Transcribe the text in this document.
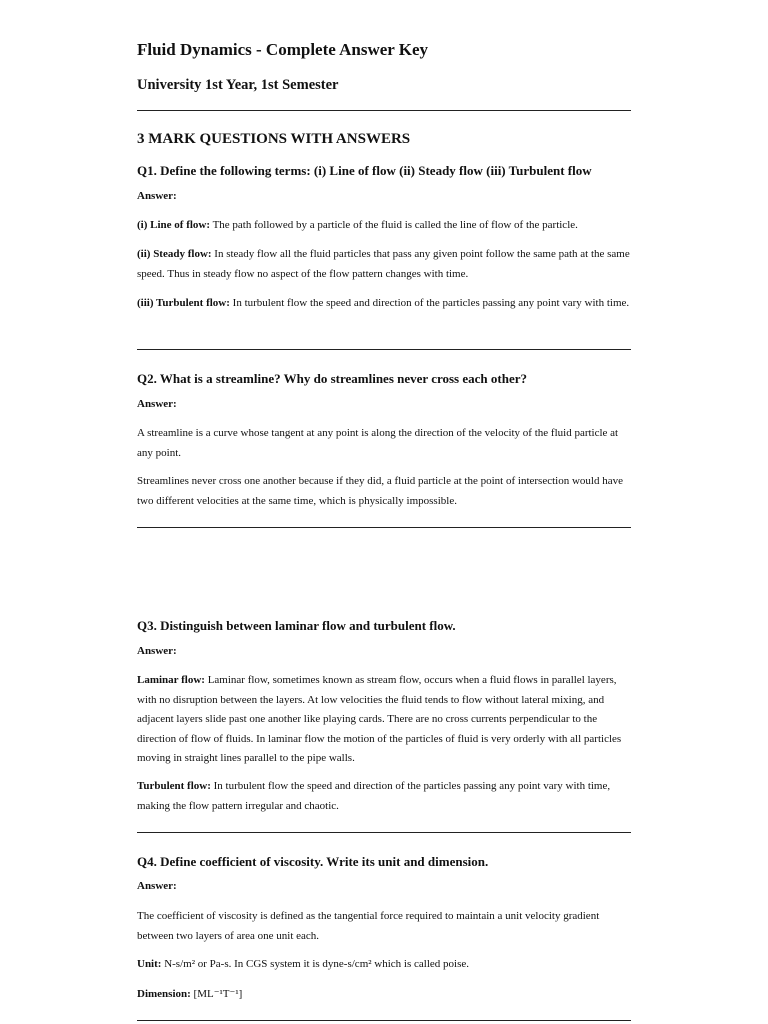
Fluid Dynamics - Complete Answer Key
University 1st Year, 1st Semester
3 MARK QUESTIONS WITH ANSWERS
Q1. Define the following terms: (i) Line of flow (ii) Steady flow (iii) Turbulent flow
Answer:
(i) Line of flow: The path followed by a particle of the fluid is called the line of flow of the particle.
(ii) Steady flow: In steady flow all the fluid particles that pass any given point follow the same path at the same speed. Thus in steady flow no aspect of the flow pattern changes with time.
(iii) Turbulent flow: In turbulent flow the speed and direction of the particles passing any point vary with time.
Q2. What is a streamline? Why do streamlines never cross each other?
Answer:
A streamline is a curve whose tangent at any point is along the direction of the velocity of the fluid particle at any point.
Streamlines never cross one another because if they did, a fluid particle at the point of intersection would have two different velocities at the same time, which is physically impossible.
Q3. Distinguish between laminar flow and turbulent flow.
Answer:
Laminar flow: Laminar flow, sometimes known as stream flow, occurs when a fluid flows in parallel layers, with no disruption between the layers. At low velocities the fluid tends to flow without lateral mixing, and adjacent layers slide past one another like playing cards. There are no cross currents perpendicular to the direction of flow of fluids. In laminar flow the motion of the particles of fluid is very orderly with all particles moving in straight lines parallel to the pipe walls.
Turbulent flow: In turbulent flow the speed and direction of the particles passing any point vary with time, making the flow pattern irregular and chaotic.
Q4. Define coefficient of viscosity. Write its unit and dimension.
Answer:
The coefficient of viscosity is defined as the tangential force required to maintain a unit velocity gradient between two layers of area one unit each.
Unit: N-s/m² or Pa-s. In CGS system it is dyne-s/cm² which is called poise.
Dimension: [ML⁻¹T⁻¹]
